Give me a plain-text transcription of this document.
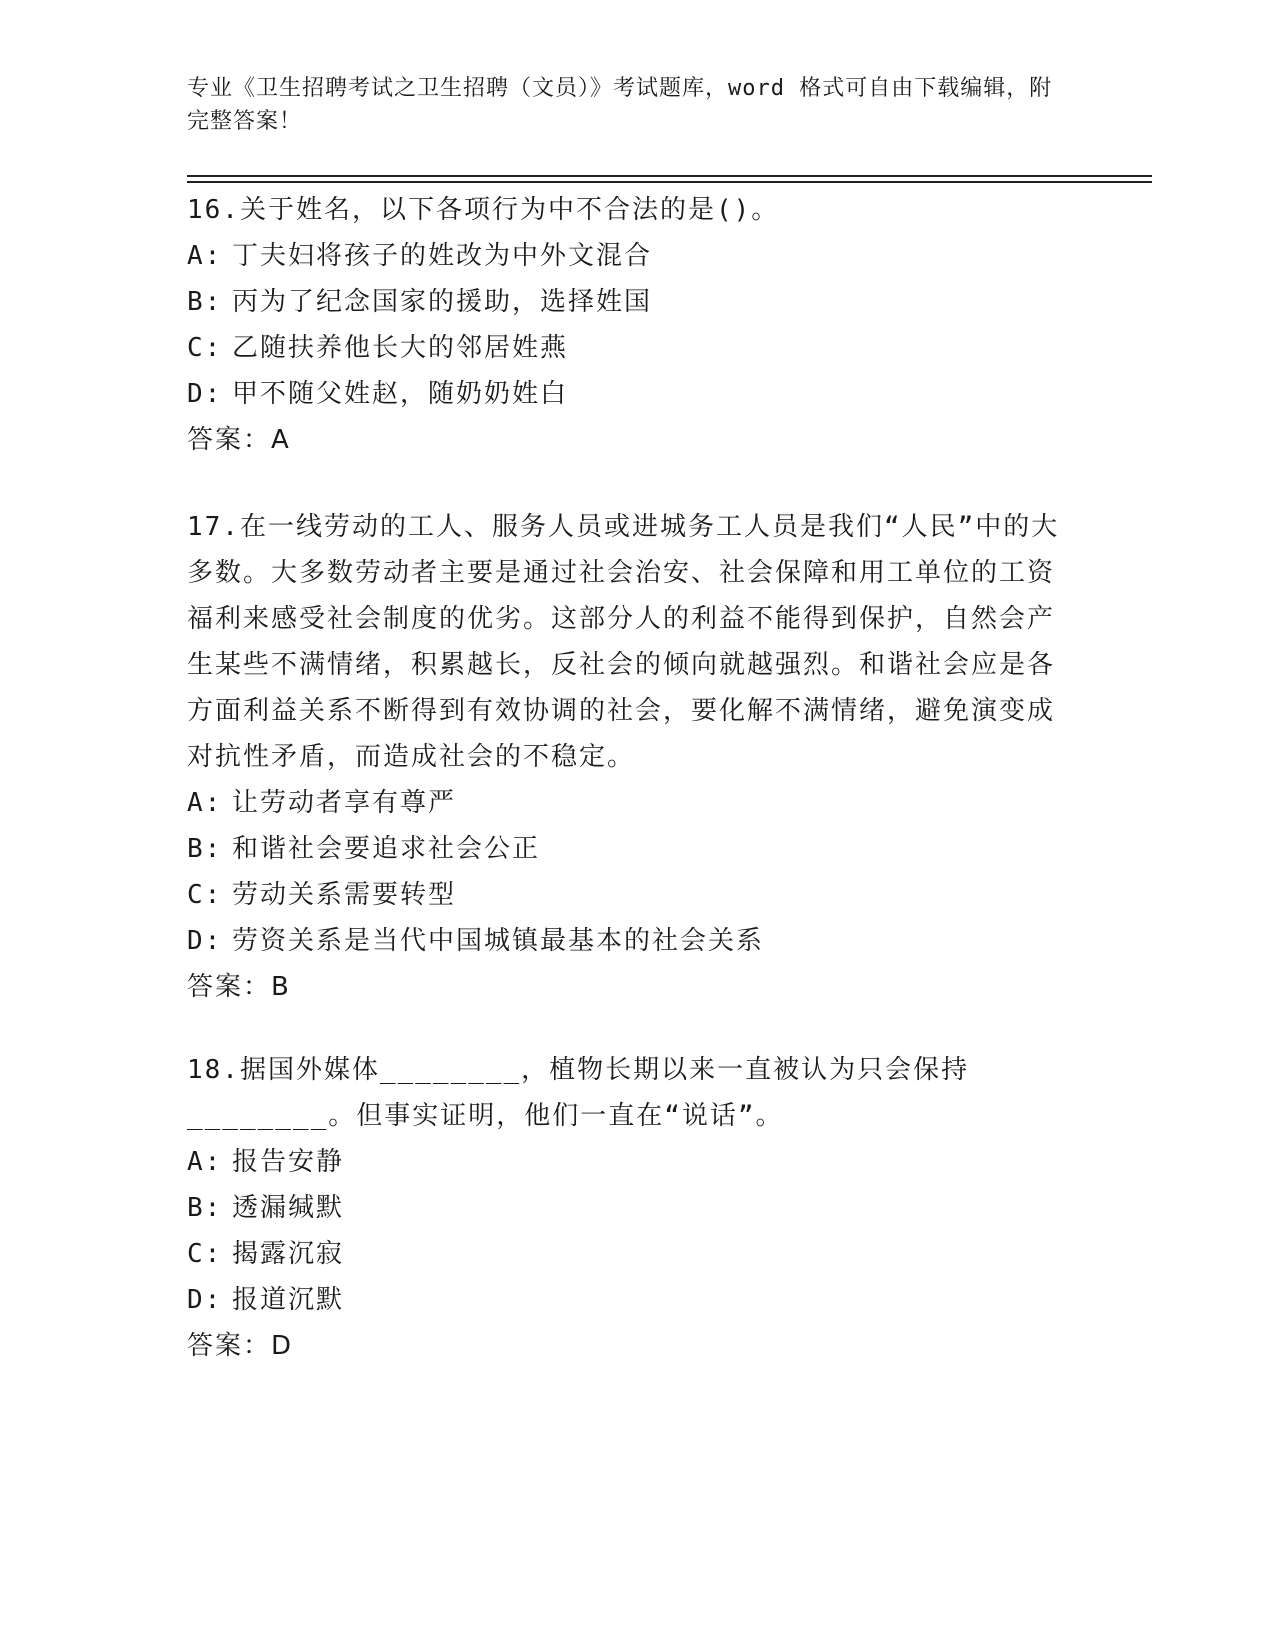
专业《卫生招聘考试之卫生招聘（文员）》考试题库，word 格式可自由下载编辑，附完整答案！

16.关于姓名，以下各项行为中不合法的是()。

A: 丁夫妇将孩子的姓改为中外文混合

B: 丙为了纪念国家的援助，选择姓国

C: 乙随扶养他长大的邻居姓燕

D: 甲不随父姓赵，随奶奶姓白

答案：A

17.在一线劳动的工人、服务人员或进城务工人员是我们“人民”中的大多数。大多数劳动者主要是通过社会治安、社会保障和用工单位的工资福利来感受社会制度的优劣。这部分人的利益不能得到保护，自然会产生某些不满情绪，积累越长，反社会的倾向就越强烈。和谐社会应是各方面利益关系不断得到有效协调的社会，要化解不满情绪，避免演变成对抗性矛盾，而造成社会的不稳定。

A: 让劳动者享有尊严

B: 和谐社会要追求社会公正

C: 劳动关系需要转型

D: 劳资关系是当代中国城镇最基本的社会关系

答案：B

18.据国外媒体________，植物长期以来一直被认为只会保持________。但事实证明，他们一直在“说话”。

A: 报告安静

B: 透漏缄默

C: 揭露沉寂

D: 报道沉默

答案：D
